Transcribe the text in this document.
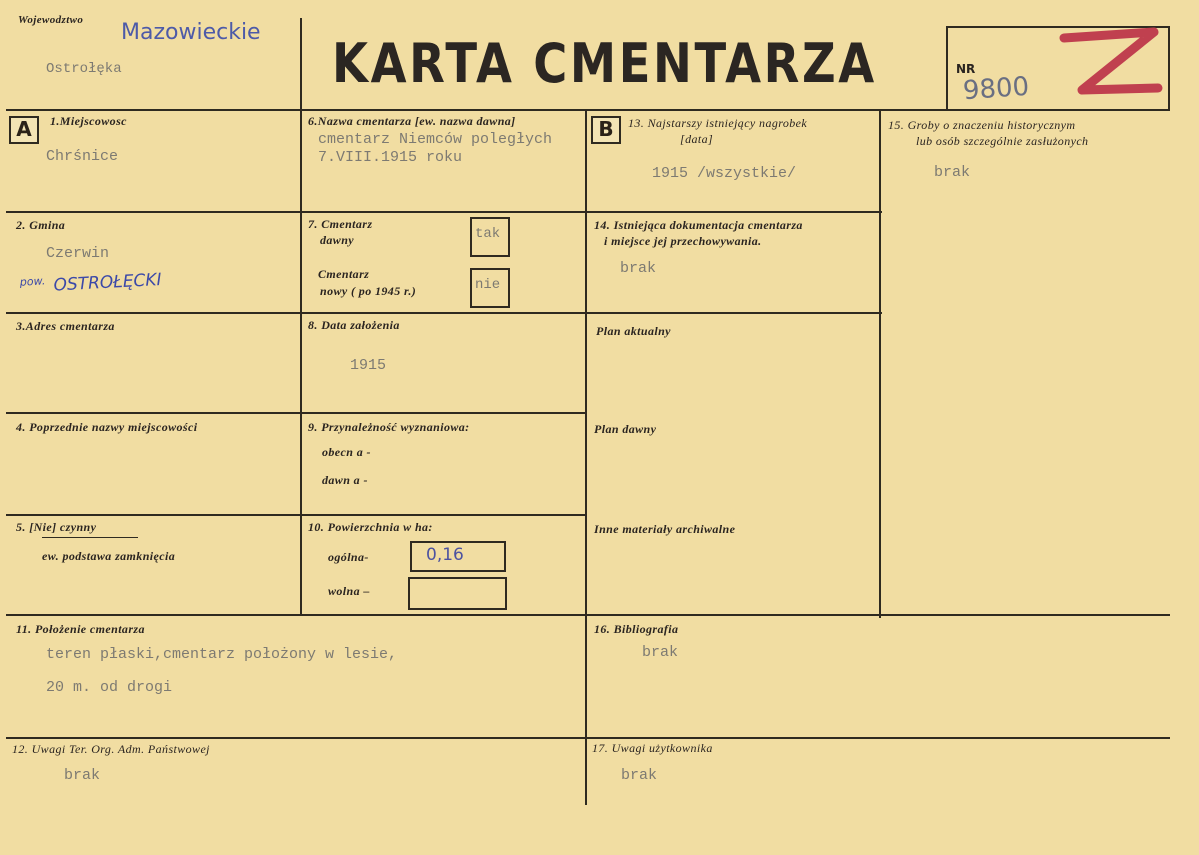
Wojewodztwo Mazowieckie
Ostrołęka	KARTA CMENTARZA	NR
9800
A	B
1.Miejscowosc
Chrśnice
2. Gmina
Czerwin
$^{pow.}$ OSTROŁĘCKI
3.Adres cmentarza
4. Poprzednie nazwy miejscowości
5. [Nie] czynny
ew. podstawa zamknięcia
6.Nazwa cmentarza [ew. nazwa dawna]
cmentarz Niemców poległych
7.VIII.1915 roku
7. Cmentarz
dawny	tak
Cmentarz
nowy ( po 1945 r.)	nie
8. Data założenia
1915
9. Przynależność wyznaniowa:
obecn a -
dawn a -
10. Powierzchnia w ha:
ogólna-	0,16
wolna –
11. Położenie cmentarza
teren płaski,cmentarz położony w lesie,
20 m. od drogi
12. Uwagi Ter. Org. Adm. Państwowej
brak
13. Najstarszy istniejący nagrobek
[data]
1915 /wszystkie/
14. Istniejąca dokumentacja cmentarza
i miejsce jej przechowywania.
brak
Plan aktualny
Plan dawny
Inne materiały archiwalne
15. Groby o znaczeniu historycznym
lub osób szczególnie zasłużonych
brak
16. Bibliografia
brak
17. Uwagi użytkownika
brak
